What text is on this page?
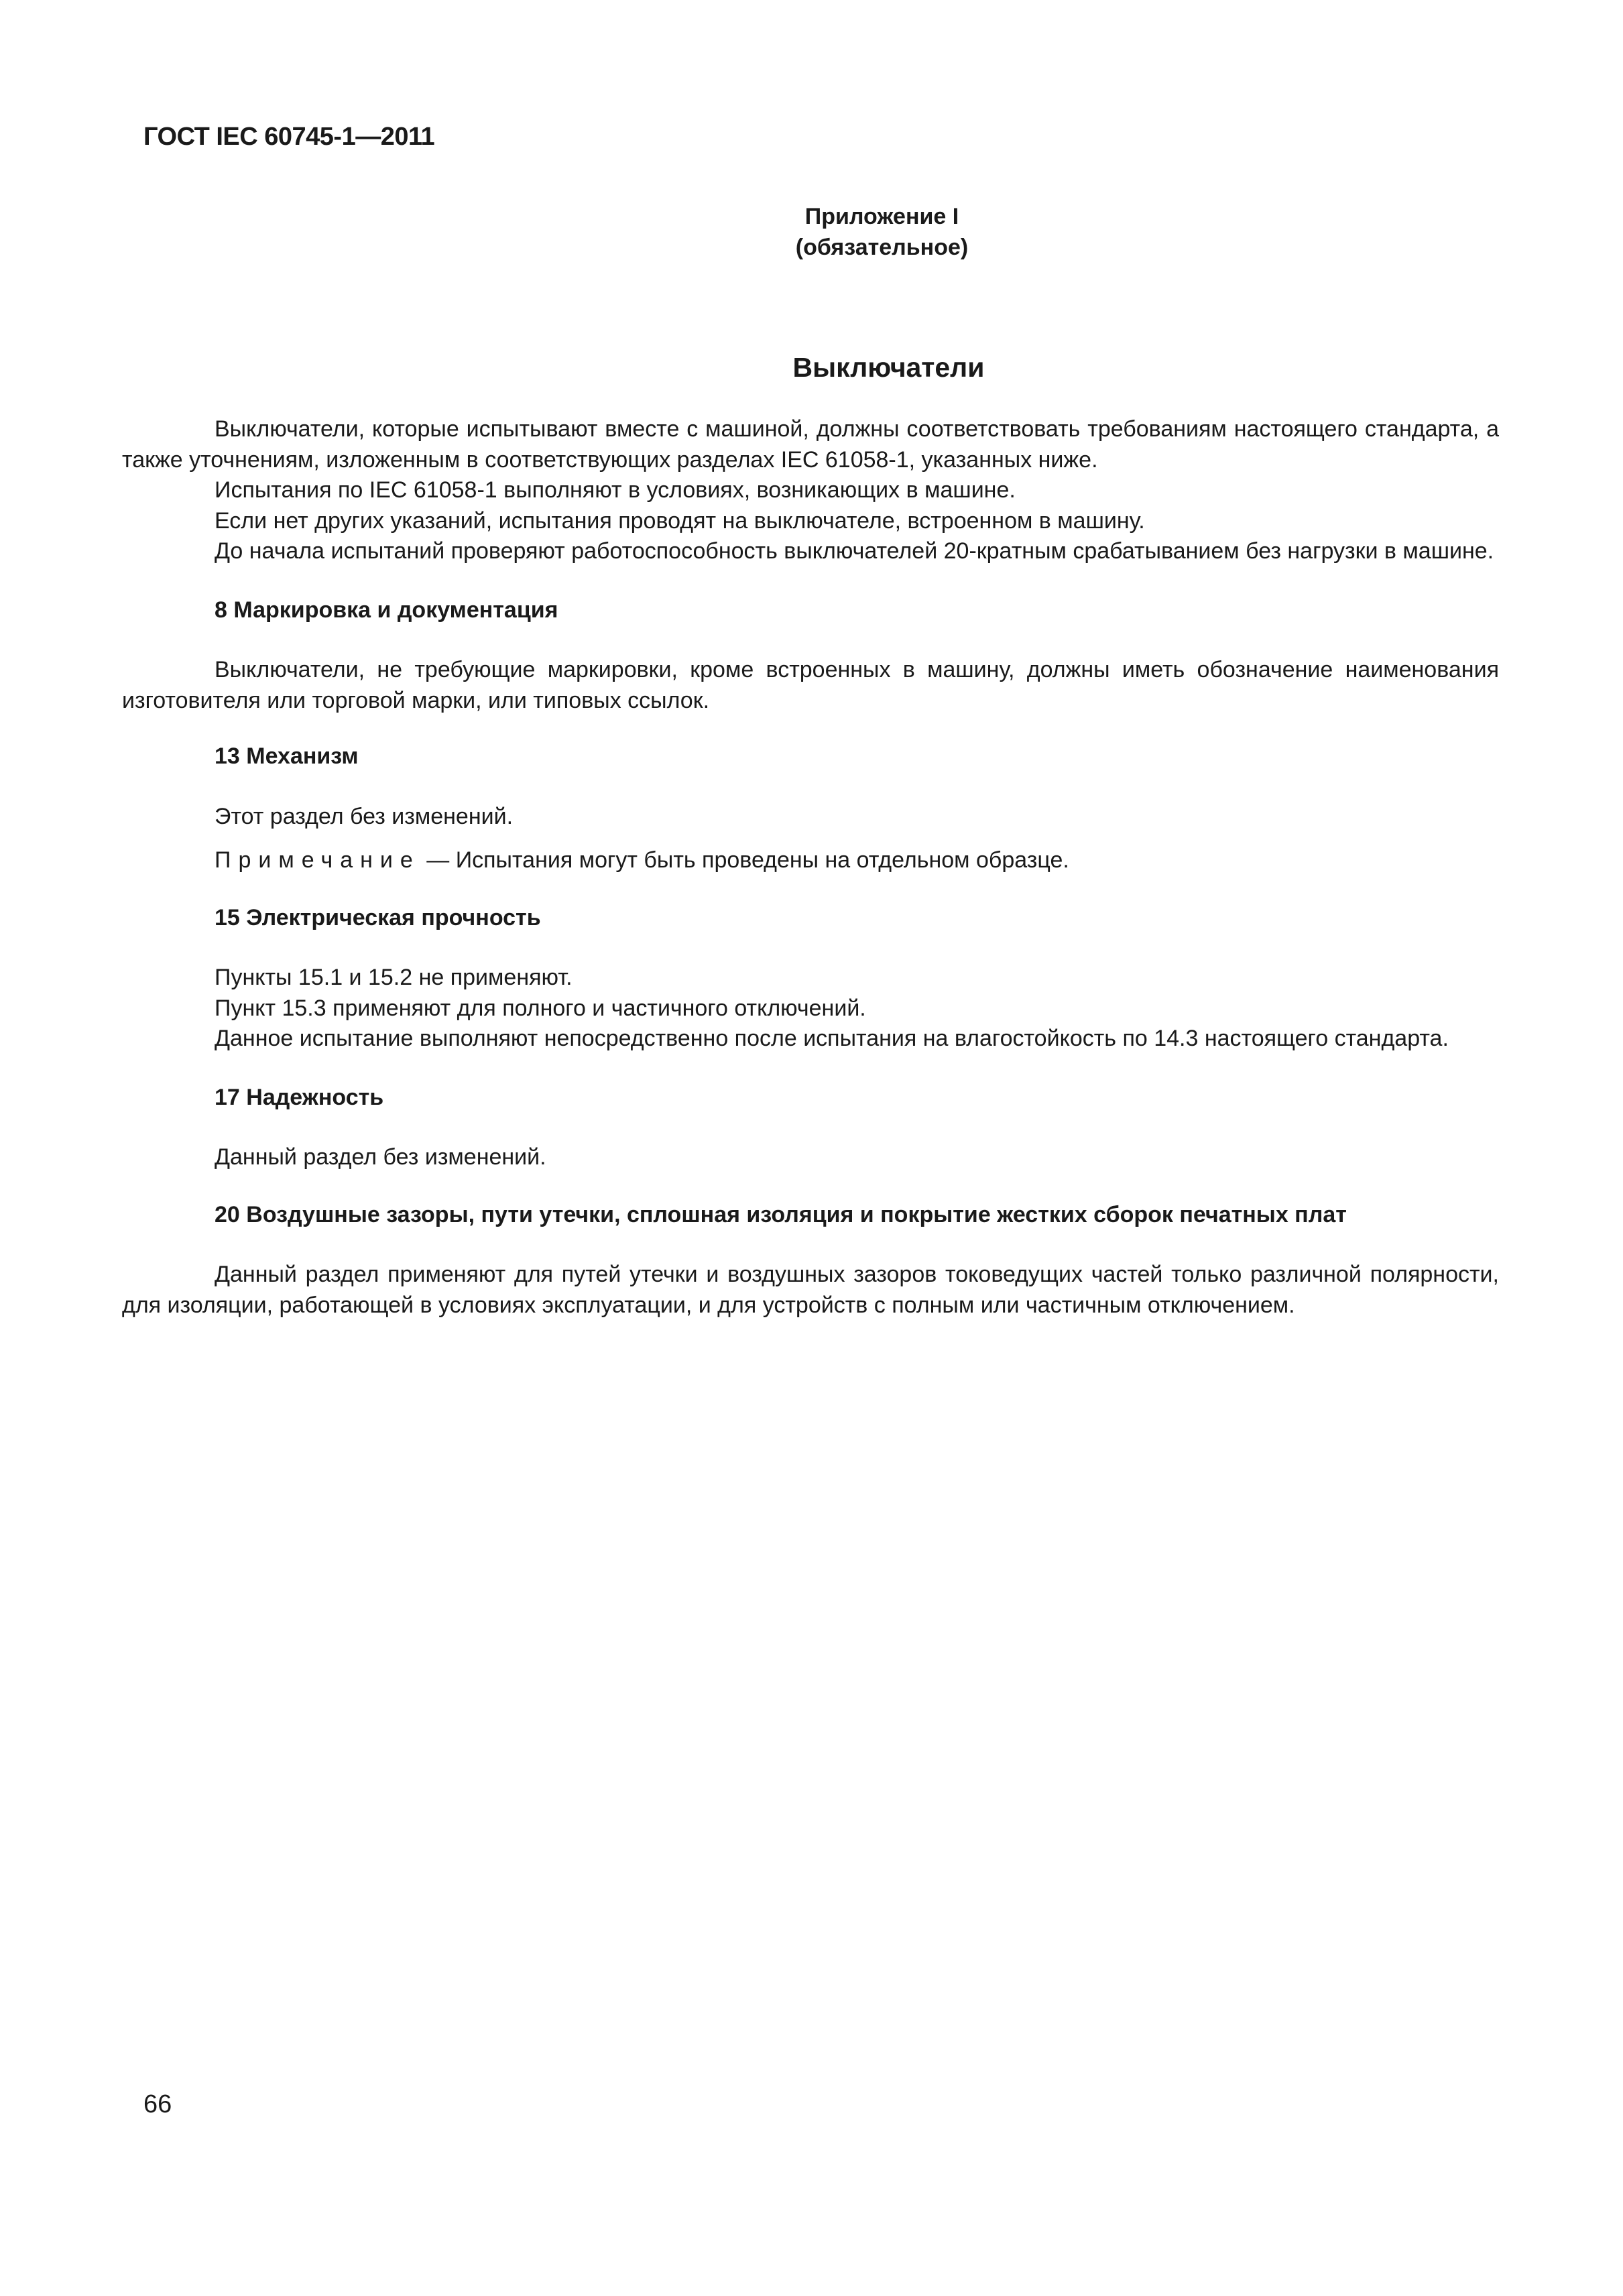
ГОСТ IEC 60745-1—2011
Приложение I
(обязательное)
Выключатели

Выключатели, которые испытывают вместе с машиной, должны соответствовать требованиям настоящего стандарта, а также уточнениям, изложенным в соответствующих разделах IEC 61058-1, указанных ниже.

Испытания по IEC 61058-1 выполняют в условиях, возникающих в машине.

Если нет других указаний, испытания проводят на выключателе, встроенном в машину.

До начала испытаний проверяют работоспособность выключателей 20-кратным срабатыванием без нагрузки в машине.

8 Маркировка и документация

Выключатели, не требующие маркировки, кроме встроенных в машину, должны иметь обозначение наименования изготовителя или торговой марки, или типовых ссылок.

13 Механизм

Этот раздел без изменений.

Примечание — Испытания могут быть проведены на отдельном образце.

15 Электрическая прочность

Пункты 15.1 и 15.2 не применяют.

Пункт 15.3 применяют для полного и частичного отключений.

Данное испытание выполняют непосредственно после испытания на влагостойкость по 14.3 настоящего стандарта.

17 Надежность

Данный раздел без изменений.

20 Воздушные зазоры, пути утечки, сплошная изоляция и покрытие жестких сборок печатных плат

Данный раздел применяют для путей утечки и воздушных зазоров токоведущих частей только различной полярности, для изоляции, работающей в условиях эксплуатации, и для устройств с полным или частичным отключением.

66
